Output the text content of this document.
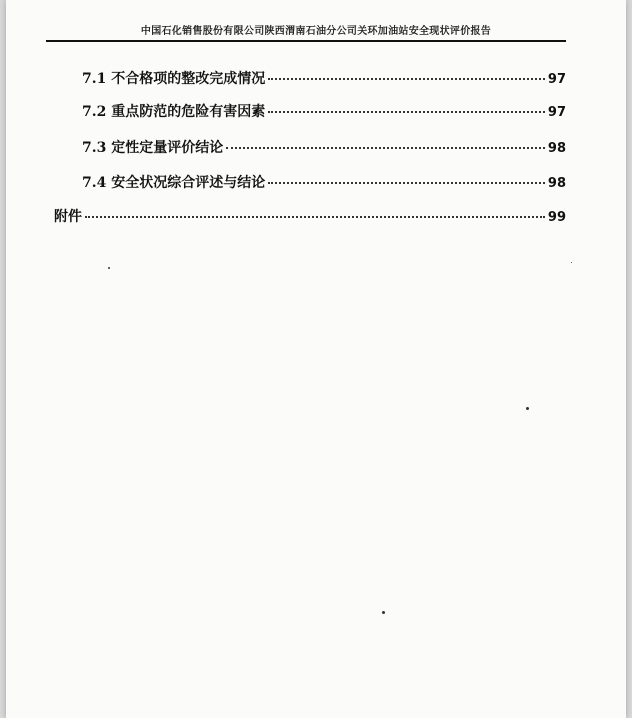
中国石化销售股份有限公司陕西渭南石油分公司关环加油站安全现状评价报告
7.1 不合格项的整改完成情况	97
7.2 重点防范的危险有害因素	97
7.3 定性定量评价结论	98
7.4 安全状况综合评述与结论	98
附件	99
